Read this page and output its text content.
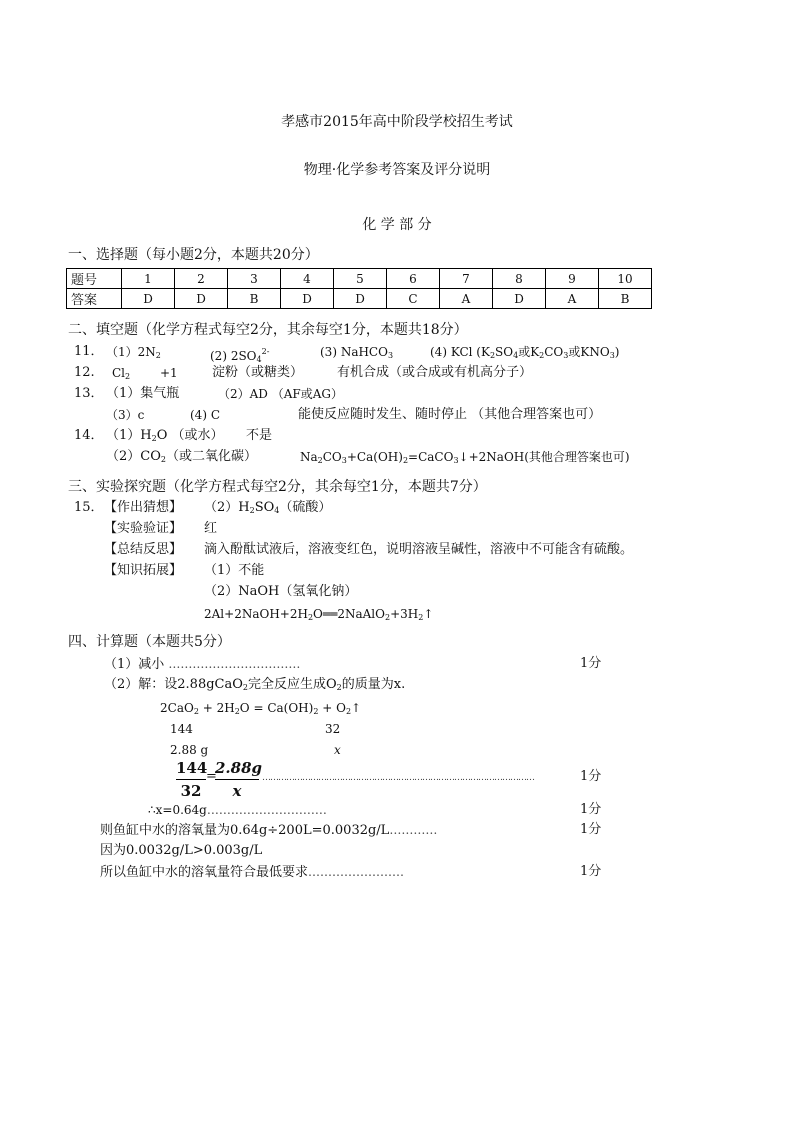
孝感市2015年高中阶段学校招生考试
物理·化学参考答案及评分说明
化 学 部 分
一、选择题（每小题2分，本题共20分）
题号	1	2	3	4	5	6	7	8	9	10
答案	D	D	B	D	D	C	A	D	A	B
二、填空题（化学方程式每空2分，其余每空1分，本题共18分）
11． $(1)2N_2$	(2) $2SO_4^{2-}$	(3) NaHCO$_3$	(4) KCl ($K_2SO_4$或$K_2CO_3$或$KNO_3$)
12. $Cl_2 +1$	淀粉（或糖类）	有机合成（或合成或有机高分子）
13． （1）集气瓶	（2）AD （AF或AG）
（3）c	(4) C	能使反应随时发生、随时停止 （其他合理答案也可）
14． $(1)H_2O$ （或水） 不是
$(2)CO_2$（或二氧化碳）	$Na_2CO_3+Ca(OH)_2=CaCO_3↓+2NaOH$(其他合理答案也可)
三、实验探究题（化学方程式每空2分，其余每空1分，本题共7分）
15． 【作出猜想】 $(2)H_2SO_4$（硫酸）
【实验验证】 红
【总结反思】 滴入酚酞试液后，溶液变红色，说明溶液呈碱性，溶液中不可能含有硫酸。
【知识拓展】 （1）不能
（2）NaOH（氢氧化钠）
$2Al+2NaOH+2H_2O══2NaAlO_2+3H_2↑$
四、计算题（本题共5分）
（1）减小 ……………………………	1分
（2）解：设2.88gCaO$_2$完全反应生成$O_2$的质量为x.
$2CaO_2 + 2H_2O = Ca(OH)_2$ + $O_2↑$
144	32
2.88 g	x
144
32
=
2.88g
x
…………………………………………………………………………………………	1分
∴x=0.64g…………………………	1分
则鱼缸中水的溶氧量为0.64g÷200L=0.0032g/L…………	1分
因为0.0032g/L>0.003g/L
所以鱼缸中水的溶氧量符合最低要求……………………	1分
